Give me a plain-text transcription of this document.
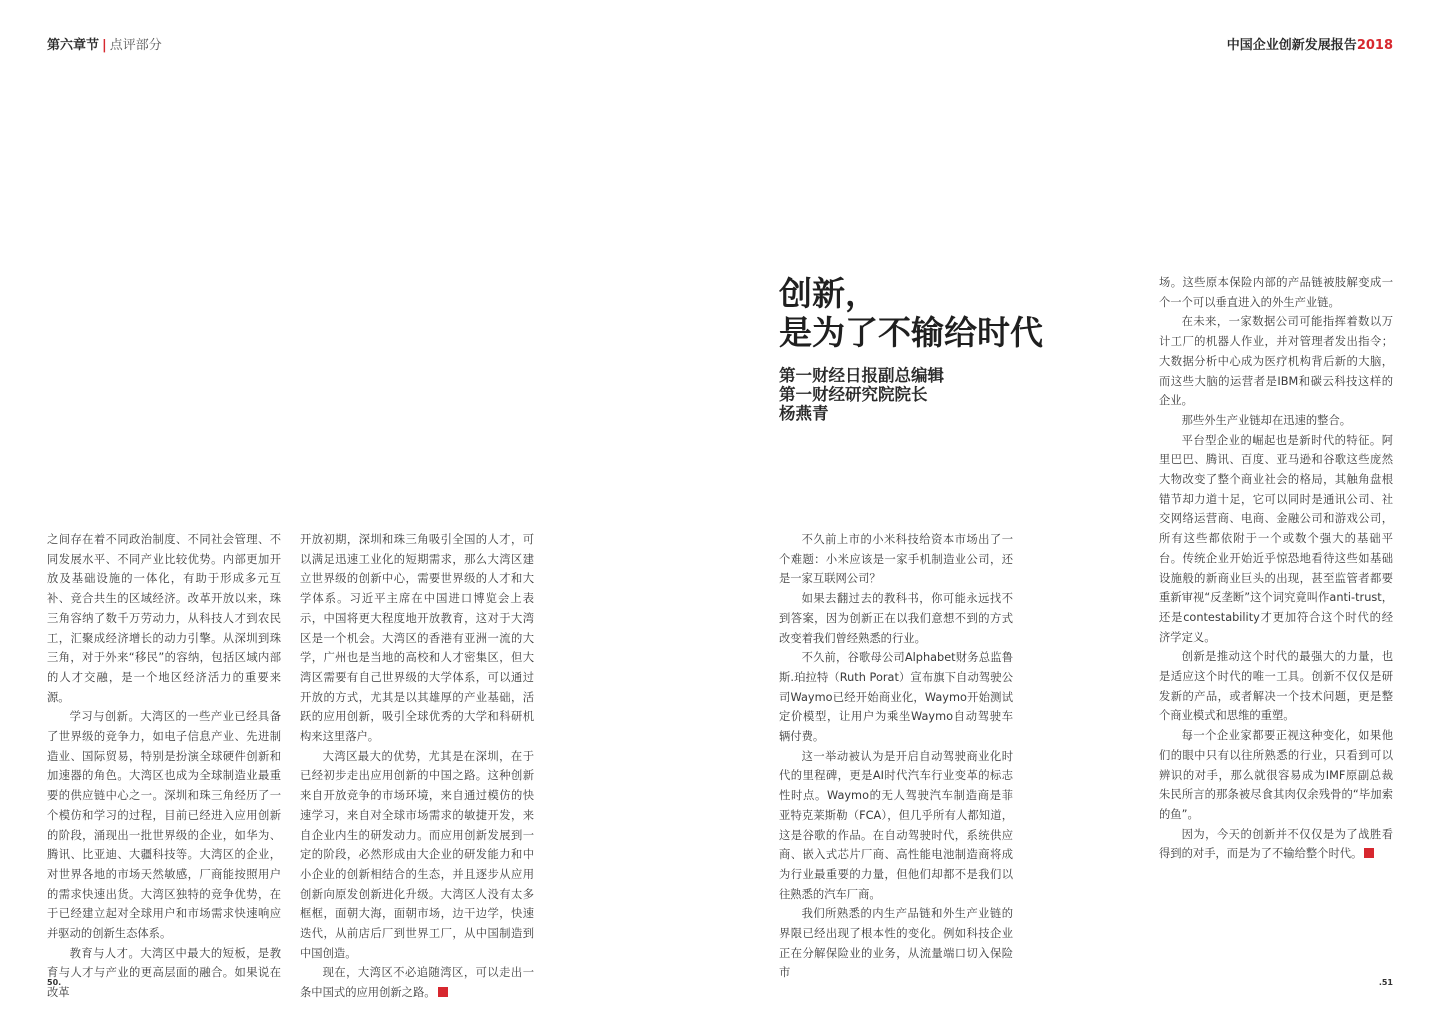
第六章节 | 点评部分	中国企业创新发展报告2018

之间存在着不同政治制度、不同社会管理、不同发展水平、不同产业比较优势。内部更加开放及基础设施的一体化，有助于形成多元互补、竞合共生的区域经济。改革开放以来，珠三角容纳了数千万劳动力，从科技人才到农民工，汇聚成经济增长的动力引擎。从深圳到珠三角，对于外来“移民”的容纳，包括区域内部的人才交融，是一个地区经济活力的重要来源。

学习与创新。大湾区的一些产业已经具备了世界级的竞争力，如电子信息产业、先进制造业、国际贸易，特别是扮演全球硬件创新和加速器的角色。大湾区也成为全球制造业最重要的供应链中心之一。深圳和珠三角经历了一个模仿和学习的过程，目前已经进入应用创新的阶段，涌现出一批世界级的企业，如华为、腾讯、比亚迪、大疆科技等。大湾区的企业，对世界各地的市场天然敏感，厂商能按照用户的需求快速出货。大湾区独特的竞争优势，在于已经建立起对全球用户和市场需求快速响应并驱动的创新生态体系。

教育与人才。大湾区中最大的短板，是教育与人才与产业的更高层面的融合。如果说在改革

开放初期，深圳和珠三角吸引全国的人才，可以满足迅速工业化的短期需求，那么大湾区建立世界级的创新中心，需要世界级的人才和大学体系。习近平主席在中国进口博览会上表示，中国将更大程度地开放教育，这对于大湾区是一个机会。大湾区的香港有亚洲一流的大学，广州也是当地的高校和人才密集区，但大湾区需要有自己世界级的大学体系，可以通过开放的方式，尤其是以其雄厚的产业基础，活跃的应用创新，吸引全球优秀的大学和科研机构来这里落户。

大湾区最大的优势，尤其是在深圳，在于已经初步走出应用创新的中国之路。这种创新来自开放竞争的市场环境，来自通过模仿的快速学习，来自对全球市场需求的敏捷开发，来自企业内生的研发动力。而应用创新发展到一定的阶段，必然形成由大企业的研发能力和中小企业的创新相结合的生态，并且逐步从应用创新向原发创新进化升级。大湾区人没有太多框框，面朝大海，面朝市场，边干边学，快速迭代，从前店后厂到世界工厂，从中国制造到中国创造。

现在，大湾区不必追随湾区，可以走出一条中国式的应用创新之路。

创新，
是为了不输给时代
第一财经日报副总编辑
第一财经研究院院长
杨燕青

不久前上市的小米科技给资本市场出了一个难题：小米应该是一家手机制造业公司，还是一家互联网公司？

如果去翻过去的教科书，你可能永远找不到答案，因为创新正在以我们意想不到的方式改变着我们曾经熟悉的行业。

不久前，谷歌母公司Alphabet财务总监鲁斯.珀拉特（Ruth Porat）宣布旗下自动驾驶公司Waymo已经开始商业化，Waymo开始测试定价模型，让用户为乘坐Waymo自动驾驶车辆付费。

这一举动被认为是开启自动驾驶商业化时代的里程碑，更是AI时代汽车行业变革的标志性时点。Waymo的无人驾驶汽车制造商是菲亚特克莱斯勒（FCA），但几乎所有人都知道，这是谷歌的作品。在自动驾驶时代，系统供应商、嵌入式芯片厂商、高性能电池制造商将成为行业最重要的力量，但他们却都不是我们以往熟悉的汽车厂商。

我们所熟悉的内生产品链和外生产业链的界限已经出现了根本性的变化。例如科技企业正在分解保险业的业务，从流量端口切入保险市

场。这些原本保险内部的产品链被肢解变成一个一个可以垂直进入的外生产业链。

在未来，一家数据公司可能指挥着数以万计工厂的机器人作业，并对管理者发出指令；大数据分析中心成为医疗机构背后新的大脑，而这些大脑的运营者是IBM和碳云科技这样的企业。

那些外生产业链却在迅速的整合。

平台型企业的崛起也是新时代的特征。阿里巴巴、腾讯、百度、亚马逊和谷歌这些庞然大物改变了整个商业社会的格局，其触角盘根错节却力道十足，它可以同时是通讯公司、社交网络运营商、电商、金融公司和游戏公司，所有这些都依附于一个或数个强大的基础平台。传统企业开始近乎惊恐地看待这些如基础设施般的新商业巨头的出现，甚至监管者都要重新审视“反垄断”这个词究竟叫作anti-trust，还是contestability才更加符合这个时代的经济学定义。

创新是推动这个时代的最强大的力量，也是适应这个时代的唯一工具。创新不仅仅是研发新的产品，或者解决一个技术问题，更是整个商业模式和思维的重塑。

每一个企业家都要正视这种变化，如果他们的眼中只有以往所熟悉的行业，只看到可以辨识的对手，那么就很容易成为IMF原副总裁朱民所言的那条被尽食其肉仅余残骨的“毕加索的鱼”。

因为，今天的创新并不仅仅是为了战胜看得到的对手，而是为了不输给整个时代。

50.	.51
